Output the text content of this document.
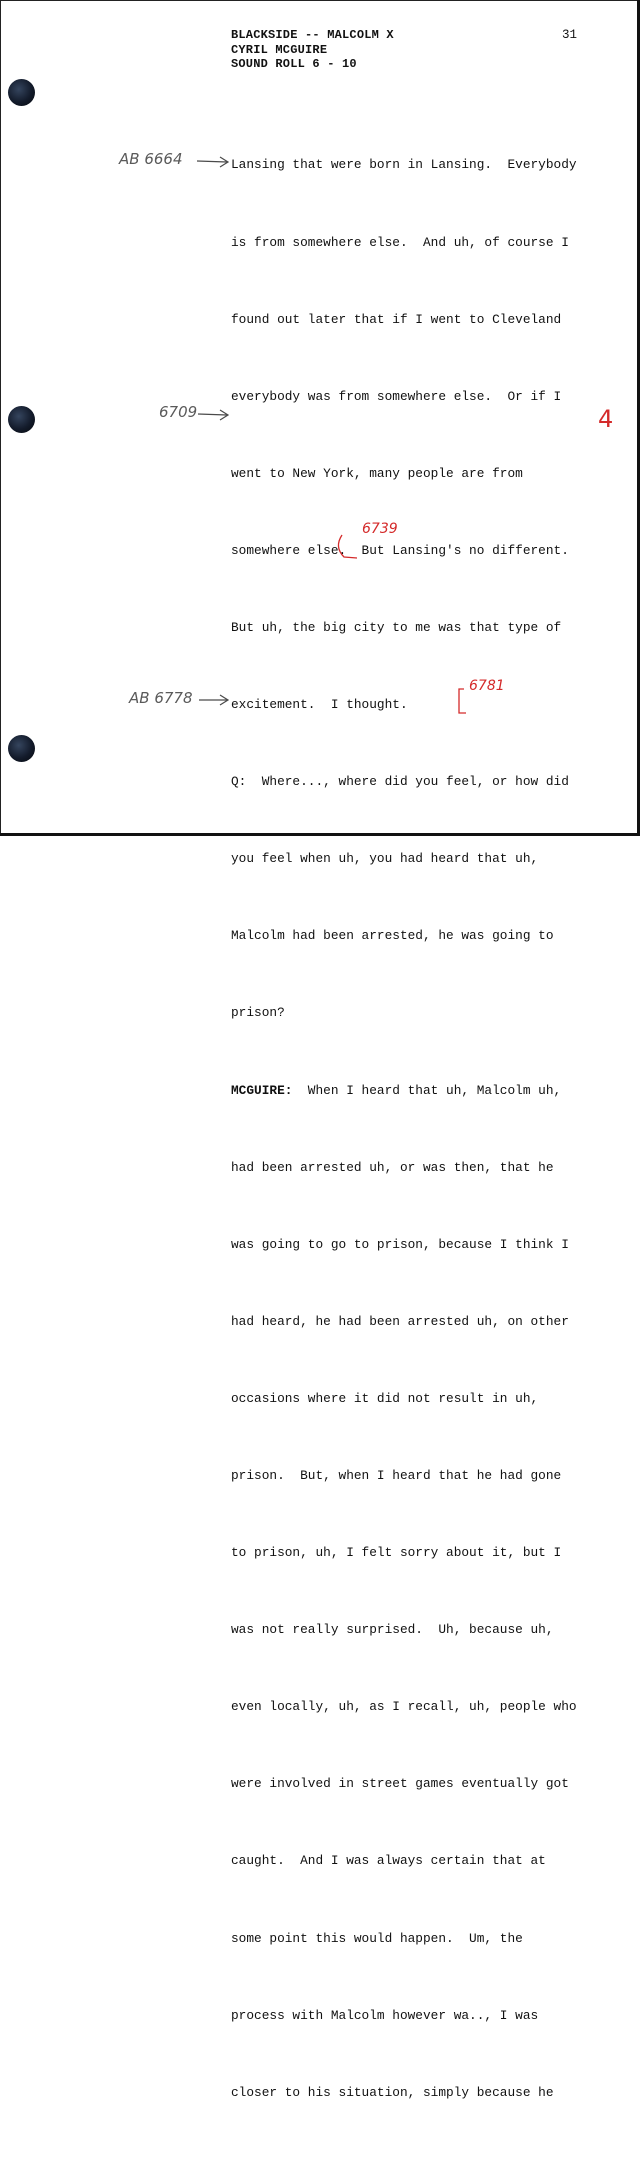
BLACKSIDE -- MALCOLM X
CYRIL MCGUIRE
SOUND ROLL 6 - 10
31

Lansing that were born in Lansing.  Everybody

is from somewhere else.  And uh, of course I

found out later that if I went to Cleveland

everybody was from somewhere else.  Or if I

went to New York, many people are from

somewhere else.  But Lansing's no different.

But uh, the big city to me was that type of

excitement.  I thought.

Q:  Where..., where did you feel, or how did

you feel when uh, you had heard that uh,

Malcolm had been arrested, he was going to

prison?

MCGUIRE:  When I heard that uh, Malcolm uh,

had been arrested uh, or was then, that he

was going to go to prison, because I think I

had heard, he had been arrested uh, on other

occasions where it did not result in uh,

prison.  But, when I heard that he had gone

to prison, uh, I felt sorry about it, but I

was not really surprised.  Uh, because uh,

even locally, uh, as I recall, uh, people who

were involved in street games eventually got

caught.  And I was always certain that at

some point this would happen.  Um, the

process with Malcolm however wa.., I was

closer to his situation, simply because he

AB 6664
6709
AB 6778
6739
6781
4
